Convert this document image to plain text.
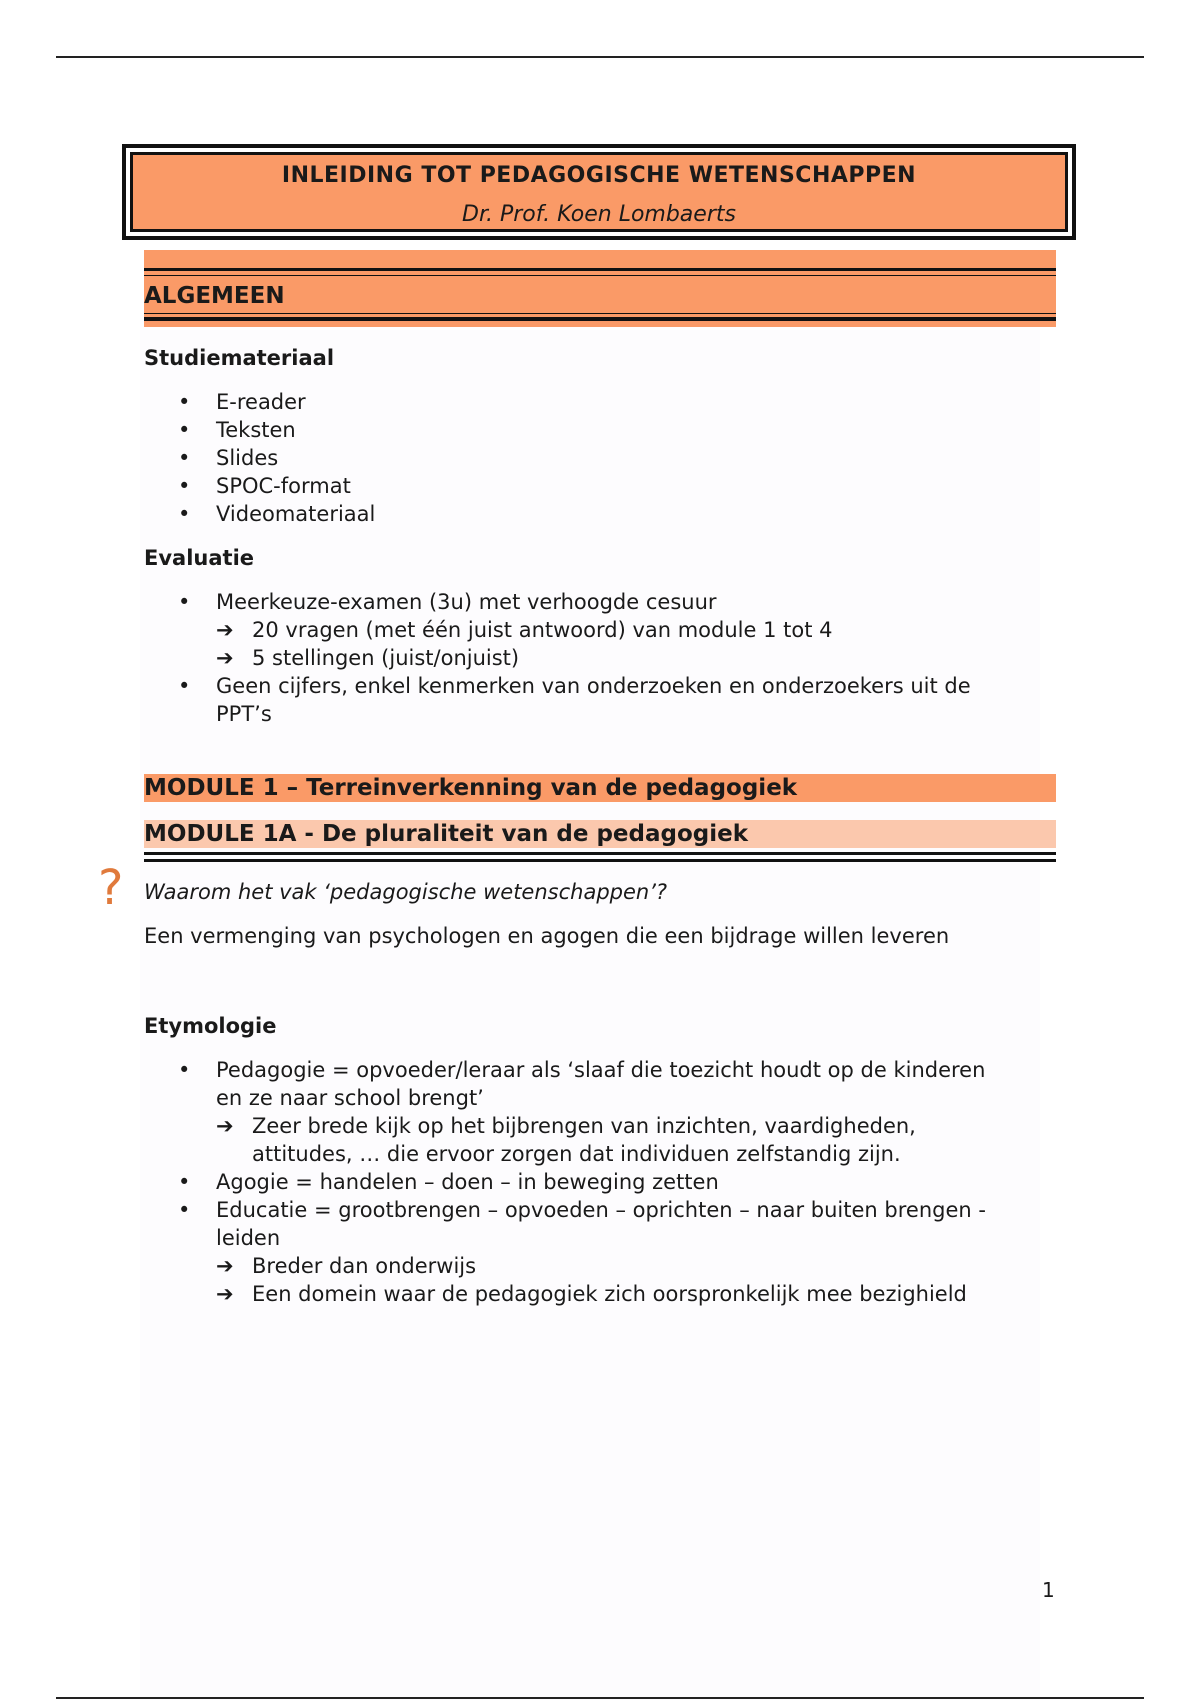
INLEIDING TOT PEDAGOGISCHE WETENSCHAPPEN
Dr. Prof. Koen Lombaerts
ALGEMEEN
Studiemateriaal
• E-reader
• Teksten
• Slides
• SPOC-format
• Videomateriaal
Evaluatie
• Meerkeuze-examen (3u) met verhoogde cesuur
➔ 20 vragen (met één juist antwoord) van module 1 tot 4
➔ 5 stellingen (juist/onjuist)
• Geen cijfers, enkel kenmerken van onderzoeken en onderzoekers uit de
PPT’s
MODULE 1 – Terreinverkenning van de pedagogiek
MODULE 1A - De pluraliteit van de pedagogiek
? Waarom het vak ‘pedagogische wetenschappen’?
Een vermenging van psychologen en agogen die een bijdrage willen leveren
Etymologie
• Pedagogie = opvoeder/leraar als ‘slaaf die toezicht houdt op de kinderen
en ze naar school brengt’
➔ Zeer brede kijk op het bijbrengen van inzichten, vaardigheden,
attitudes, … die ervoor zorgen dat individuen zelfstandig zijn.
• Agogie = handelen – doen – in beweging zetten
• Educatie = grootbrengen – opvoeden – oprichten – naar buiten brengen -
leiden
➔ Breder dan onderwijs
➔ Een domein waar de pedagogiek zich oorspronkelijk mee bezighield
1
